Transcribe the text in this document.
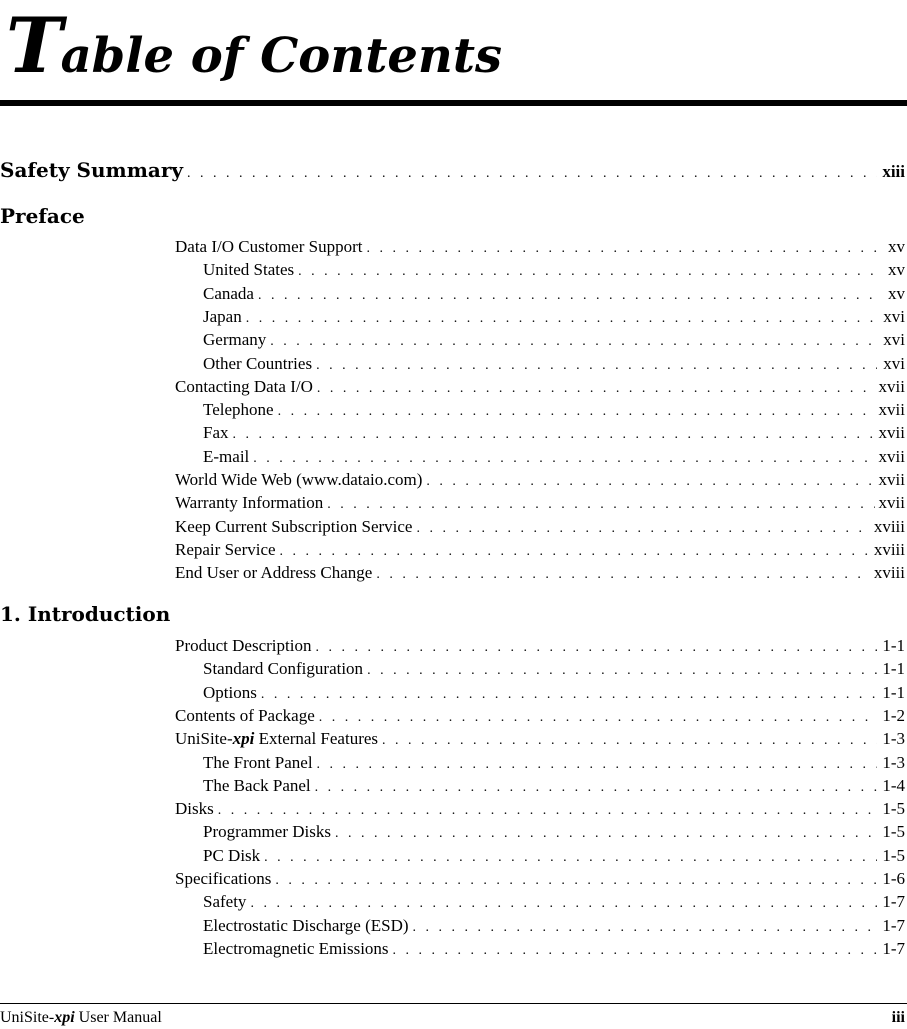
Table of Contents
Safety Summary . . .	xiii
Preface
Data I/O Customer Support . . .	xv
United States . . .	xv
Canada . . .	xv
Japan . . .	xvi
Germany . . .	xvi
Other Countries . . .	xvi
Contacting Data I/O . . .	xvii
Telephone . . .	xvii
Fax . . .	xvii
E-mail . . .	xvii
World Wide Web (www.dataio.com) . . .	xvii
Warranty Information . . .	xvii
Keep Current Subscription Service . . .	xviii
Repair Service . . .	xviii
End User or Address Change . . .	xviii
1. Introduction
Product Description . . .	1-1
Standard Configuration . . .	1-1
Options . . .	1-1
Contents of Package . . .	1-2
UniSite-xpi External Features . . .	1-3
The Front Panel . . .	1-3
The Back Panel . . .	1-4
Disks . . .	1-5
Programmer Disks . . .	1-5
PC Disk . . .	1-5
Specifications . . .	1-6
Safety . . .	1-7
Electrostatic Discharge (ESD) . . .	1-7
Electromagnetic Emissions . . .	1-7
UniSite-xpi User Manual	iii
